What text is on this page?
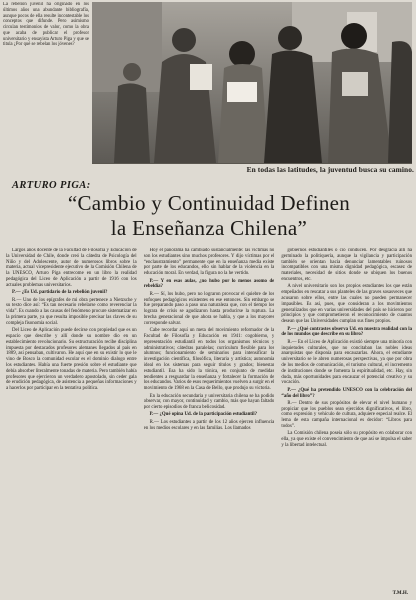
La rebelión juvenil ha originado en los últimos años una abundante bibliografía, aunque pocos de ella resulte incontestable los conceptos que difunde. Pero asimismo circulan testimonios de valor, como la obra que acaba de publicar el profesor universitario y ensayista Arturo Piga y que se titula ¿Por qué se rebelan los jóvenes?
En todas las latitudes, la juventud busca su camino.
ARTURO PIGA:
“Cambio y Continuidad Definen
la Enseñanza Chilena”

Largos años docente de la Facultad de Filosofía y Educación de la Universidad de Chile, donde creó la cátedra de Psicología del Niño y del Adolescente, autor de numerosos libros sobre la materia, actual vicepresidente ejecutivo de la Comisión Chilena de la UNESCO, Arturo Piga entrecome en un libro la realidad pedagógica del Liceo de Aplicación a partir de 1916 con los actuales problemas universitarios.

P.— ¿Es Ud. partidario de la rebelión juvenil?

R.— Uno de los epígrafes de mi obra pertenece a Nietzsche y su texto dice así: “Es tan necesario rebelarse como reverenciar la vida”. Es cuando a las causas del fenómeno procure sistematizar en la primera parte, ya que resulta imposible precisar las claves de su compleja fisonomía social.

Del Liceo de Aplicación puede decirse con propiedad que es un espacio que describe y allí donde su nombre dio en un establecimiento revolucionario. Su estructuración recibe disciplina impuesta por destacados profesores alemanes llegados al país en 1889, así pensaban, cultivaron. He aquí que en su existir lo que le vino de Bosco la comunidad escolar es el dominio dialogo entre los estudiantes. Había una fuerte presión sobre el estudiante que debía absorber literalmente tonadas de materia. Pero también había profesores que ejercieron un verdadero apostolado, sin ceder gala de erudición pedagógica, de asistencia a pequeñas informaciones y a hacerlos por participar en la tentativa política.

Hoy el panorama ha cambiado sustancialmente: las víctimas no son los estudiantes sino muchos profesores. Y dijo víctimas por el “enclaustramiento” permanente que en la enseñanza media existe por parte de los educandos, ello sin hablar de la violencia en la educación moral. En verdad, la figura no la he vertido.

P.— Y en esas aulas, ¿no hubo por lo menos asomo de rebeldía?

R.— Sí, los hubo, pero no lograron provocar el quiebre de los enfoques pedagógicos existentes en ese entonces. Sin embargo se fue preparando paso a paso una naturaleza que, con el tiempo los lograra de crisis se agudizaron hasta producirse la ruptura. La brecha generacional de que ahora se habla, y que a los mayores corresponde salvar.

Cabe recordar aquí un meta del movimiento reformador de la Facultad de Filosofía y Educación en 1941: cogobierno, y representación estudiantil en todos los organismos técnicos y administrativos; cátedras paralelas; currículum flexible para los alumnos; funcionamiento de seminarios para intensificar la investigación científica, filosófica, literaria y artística; autonomía ideal en los sistemas para seguir títulos y grados; bienestar estudiantil. Esa ha sido la tónica, en conjunto de medidas tendientes a resguardar la enseñanza y fortalecer la formación de los educandos. Varios de esos requerimientos vuelven a surgir en el movimiento de 1968 en la Casa de Bello, que produjo su victoria.

En la educación secundaria y universitaria chilena se ha podido observar, con mayor, continuidad y cambio, más que hayan faltado por cierto episodios de franca belicosidad.

P.— ¿Qué opina Ud. de la participación estudiantil?

R.— Los estudiantes a partir de los 12 años ejercen influencia en los medios escolares y en las familias. Los llamados

gobiernos estudiantiles o cío conducen. Por desgracia allí ha germinado la politiquería, aunque la vigilancia y participación también se orientan hacia denunciar lamentables ruinosos incompatibles con una misma dignidad pedagógica, escasez de materiales, necesidad de sitios donde se ubiquen los buenos encuentros, etc.

A nivel universitario son los propios estudiantes los que están empeñados en rescatar a sus planteles de las graves sosasveces que acusaron sobre ellos, entre las cuales no pueden permanecer impasibles. Es así, pues, que consideran a los movimientos generalizados que en varias universidades del país se hicieron por principios y que comprometieron el reconocimiento de cuantos desean que las Universidades cumplan sus fines propios.

P.— ¿Qué contrastes observa Ud. en nuestra realidad con la de los mundos que describe en su libro?

R.— En el Liceo de Aplicación existió siempre una minoría con inquietudes culturales, que no concitaban las nobles ideas anarquistas que disponía para encauzarlas. Ahora, el estudiante universitario se le abren numerosas perspectivas, ya que por obra de los medios de comunicación, el turismo cultural, el incremento de instituciones donde se fomenta la espiritualidad, etc. Hay, sin duda, más oportunidades para encauzar el potencial creativo y su vocación.

P.— ¿Qué ha pretendido UNESCO con la celebración del “año del libro”?

R.— Dentro de sus propósitos de elevar el nivel humano y propiciar que los pueblos sean ejercidos dignificativos, el libro, como expresión y vehículo de cultura, adquiere especial realce. El lema de esta campaña internacional es decidor: “Libros para todos”.

La Comisión chilena poseía sólo su propósito en colaborar con ella, ya que existe el convencimiento de que así se impulsa el saber y la libertad intelectual.

T.M.H.
